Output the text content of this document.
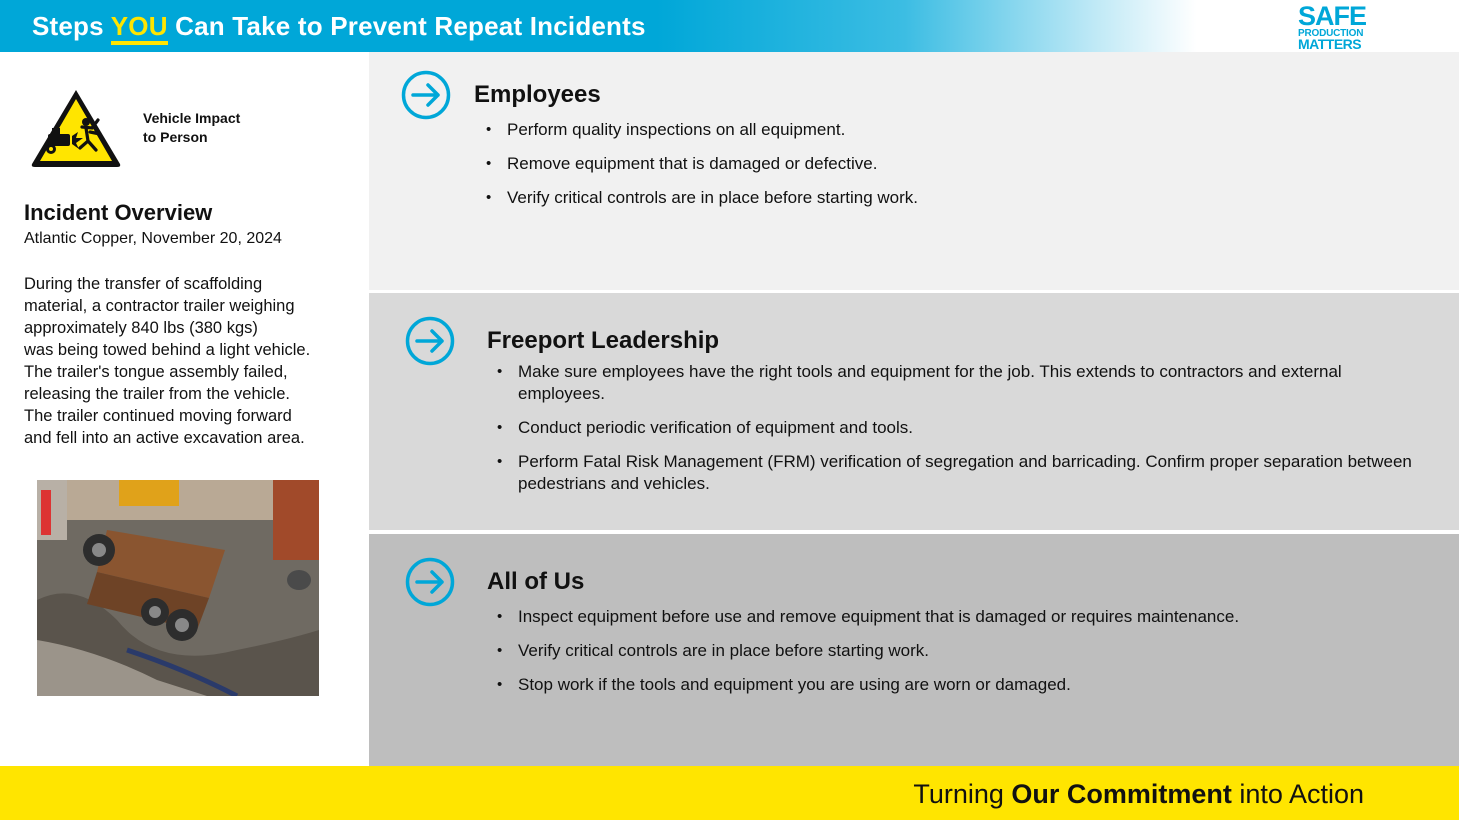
Steps YOU Can Take to Prevent Repeat Incidents	SAFE
PRODUCTION
MATTERS
Vehicle Impact
to Person
Incident Overview
Atlantic Copper, November 20, 2024
During the transfer of scaffolding
material, a contractor trailer weighing
approximately 840 lbs (380 kgs)
was being towed behind a light vehicle.
The trailer's tongue assembly failed,
releasing the trailer from the vehicle.
The trailer continued moving forward
and fell into an active excavation area.
Employees
• Perform quality inspections on all equipment.
• Remove equipment that is damaged or defective.
• Verify critical controls are in place before starting work.
Freeport Leadership
• Make sure employees have the right tools and equipment for the job. This extends to contractors and external employees.
• Conduct periodic verification of equipment and tools.
• Perform Fatal Risk Management (FRM) verification of segregation and barricading. Confirm proper separation between pedestrians and vehicles.
All of Us
• Inspect equipment before use and remove equipment that is damaged or requires maintenance.
• Verify critical controls are in place before starting work.
• Stop work if the tools and equipment you are using are worn or damaged.
Turning Our Commitment into Action
